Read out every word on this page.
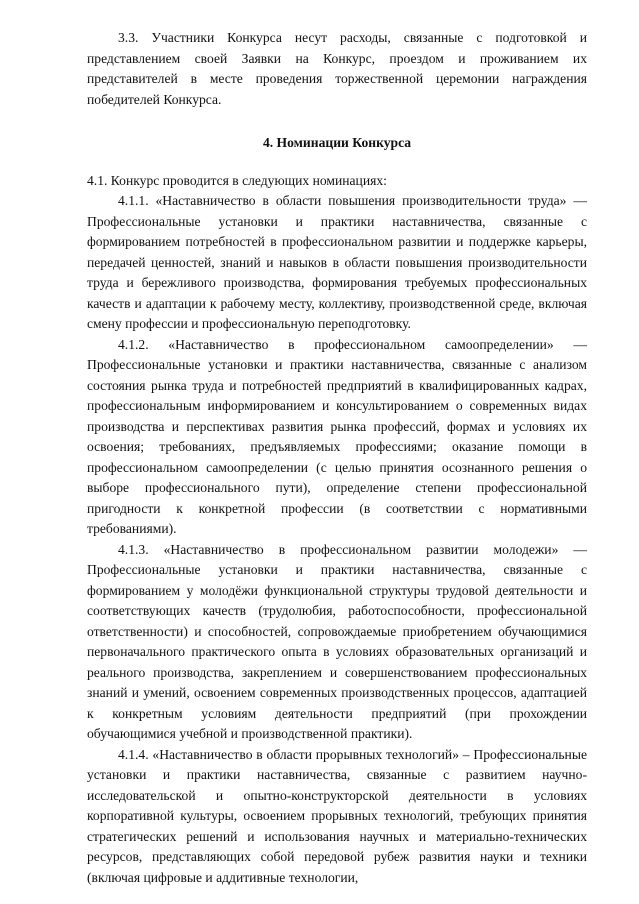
3.3. Участники Конкурса несут расходы, связанные с подготовкой и представлением своей Заявки на Конкурс, проездом и проживанием их представителей в месте проведения торжественной церемонии награждения победителей Конкурса.

4. Номинации Конкурса

4.1. Конкурс проводится в следующих номинациях:

4.1.1. «Наставничество в области повышения производительности труда» — Профессиональные установки и практики наставничества, связанные с формированием потребностей в профессиональном развитии и поддержке карьеры, передачей ценностей, знаний и навыков в области повышения производительности труда и бережливого производства, формирования требуемых профессиональных качеств и адаптации к рабочему месту, коллективу, производственной среде, включая смену профессии и профессиональную переподготовку.

4.1.2. «Наставничество в профессиональном самоопределении» — Профессиональные установки и практики наставничества, связанные с анализом состояния рынка труда и потребностей предприятий в квалифицированных кадрах, профессиональным информированием и консультированием о современных видах производства и перспективах развития рынка профессий, формах и условиях их освоения; требованиях, предъявляемых профессиями; оказание помощи в профессиональном самоопределении (с целью принятия осознанного решения о выборе профессионального пути), определение степени профессиональной пригодности к конкретной профессии (в соответствии с нормативными требованиями).

4.1.3. «Наставничество в профессиональном развитии молодежи» — Профессиональные установки и практики наставничества, связанные с формированием у молодёжи функциональной структуры трудовой деятельности и соответствующих качеств (трудолюбия, работоспособности, профессиональной ответственности) и способностей, сопровождаемые приобретением обучающимися первоначального практического опыта в условиях образовательных организаций и реального производства, закреплением и совершенствованием профессиональных знаний и умений, освоением современных производственных процессов, адаптацией к конкретным условиям деятельности предприятий (при прохождении обучающимися учебной и производственной практики).

4.1.4. «Наставничество в области прорывных технологий» – Профессиональные установки и практики наставничества, связанные с развитием научно-исследовательской и опытно-конструкторской деятельности в условиях корпоративной культуры, освоением прорывных технологий, требующих принятия стратегических решений и использования научных и материально-технических ресурсов, представляющих собой передовой рубеж развития науки и техники (включая цифровые и аддитивные технологии,
